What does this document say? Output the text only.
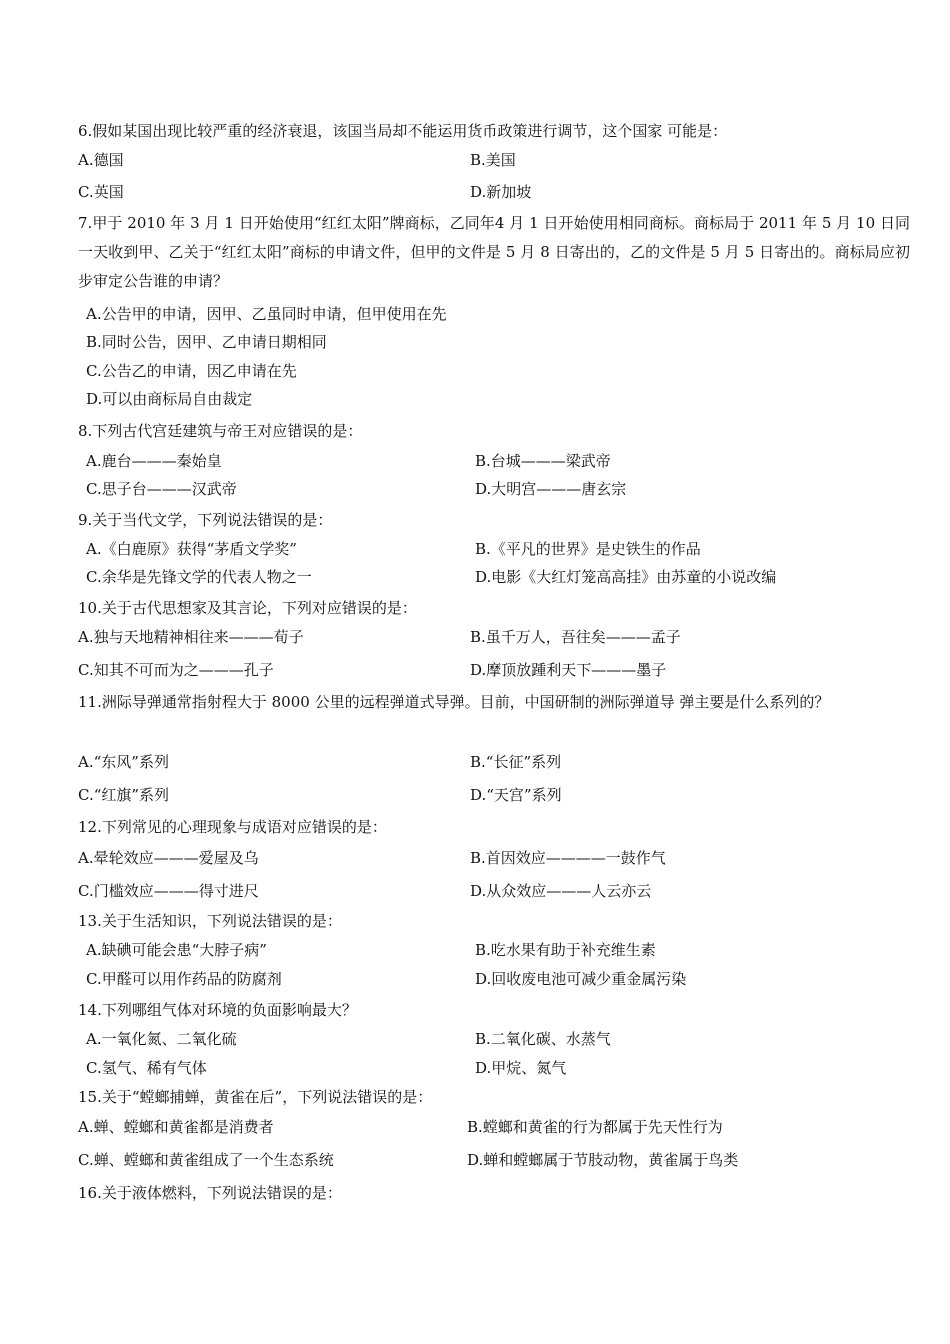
6.假如某国出现比较严重的经济衰退，该国当局却不能运用货币政策进行调节，这个国家 可能是：
A.德国	B.美国
C.英国	D.新加坡
7.甲于 2010 年 3 月 1 日开始使用“红红太阳”牌商标，乙同年4 月 1 日开始使用相同商标。商标局于 2011 年 5 月 10 日同一天收到甲、乙关于“红红太阳”商标的申请文件，但甲的文件是 5 月 8 日寄出的，乙的文件是 5 月 5 日寄出的。商标局应初步审定公告谁的申请？
A.公告甲的申请，因甲、乙虽同时申请，但甲使用在先
B.同时公告，因甲、乙申请日期相同
C.公告乙的申请，因乙申请在先
D.可以由商标局自由裁定
8.下列古代宫廷建筑与帝王对应错误的是：
A.鹿台———秦始皇	B.台城———梁武帝
C.思子台———汉武帝	D.大明宫———唐玄宗
9.关于当代文学，下列说法错误的是：
A.《白鹿原》获得“茅盾文学奖”	B.《平凡的世界》是史铁生的作品
C.余华是先锋文学的代表人物之一	D.电影《大红灯笼高高挂》由苏童的小说改编
10.关于古代思想家及其言论，下列对应错误的是：
A.独与天地精神相往来———荀子	B.虽千万人，吾往矣———孟子
C.知其不可而为之———孔子	D.摩顶放踵利天下———墨子
11.洲际导弹通常指射程大于 8000 公里的远程弹道式导弹。目前，中国研制的洲际弹道导 弹主要是什么系列的？
A.“东风”系列	B.“长征”系列
C.“红旗”系列	D.“天宫”系列
12.下列常见的心理现象与成语对应错误的是：
A.晕轮效应———爱屋及乌	B.首因效应————一鼓作气
C.门槛效应———得寸进尺	D.从众效应———人云亦云
13.关于生活知识，下列说法错误的是：
A.缺碘可能会患“大脖子病”	B.吃水果有助于补充维生素
C.甲醛可以用作药品的防腐剂	D.回收废电池可减少重金属污染
14.下列哪组气体对环境的负面影响最大？
A.一氧化氮、二氧化硫	B.二氧化碳、水蒸气
C.氢气、稀有气体	D.甲烷、氮气
15.关于“螳螂捕蝉，黄雀在后”，下列说法错误的是：
A.蝉、螳螂和黄雀都是消费者	B.螳螂和黄雀的行为都属于先天性行为
C.蝉、螳螂和黄雀组成了一个生态系统	D.蝉和螳螂属于节肢动物，黄雀属于鸟类
16.关于液体燃料，下列说法错误的是：
